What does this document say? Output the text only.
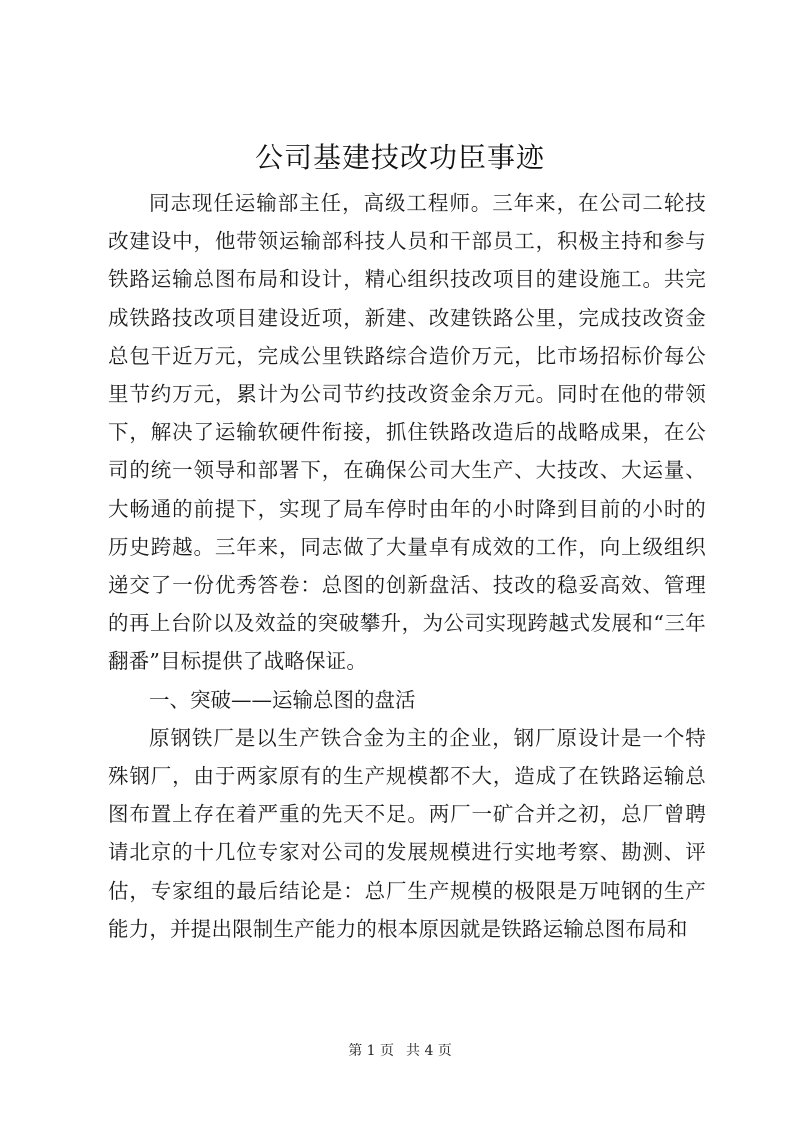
公司基建技改功臣事迹

同志现任运输部主任，高级工程师。三年来，在公司二轮技改建设中，他带领运输部科技人员和干部员工，积极主持和参与铁路运输总图布局和设计，精心组织技改项目的建设施工。共完成铁路技改项目建设近项，新建、改建铁路公里，完成技改资金总包干近万元，完成公里铁路综合造价万元，比市场招标价每公里节约万元，累计为公司节约技改资金余万元。同时在他的带领下，解决了运输软硬件衔接，抓住铁路改造后的战略成果，在公司的统一领导和部署下，在确保公司大生产、大技改、大运量、大畅通的前提下，实现了局车停时由年的小时降到目前的小时的历史跨越。三年来，同志做了大量卓有成效的工作，向上级组织递交了一份优秀答卷：总图的创新盘活、技改的稳妥高效、管理的再上台阶以及效益的突破攀升，为公司实现跨越式发展和“三年翻番”目标提供了战略保证。

一、突破——运输总图的盘活

原钢铁厂是以生产铁合金为主的企业，钢厂原设计是一个特殊钢厂，由于两家原有的生产规模都不大，造成了在铁路运输总图布置上存在着严重的先天不足。两厂一矿合并之初，总厂曾聘请北京的十几位专家对公司的发展规模进行实地考察、勘测、评估，专家组的最后结论是：总厂生产规模的极限是万吨钢的生产能力，并提出限制生产能力的根本原因就是铁路运输总图布局和

第 1 页 共 4 页
